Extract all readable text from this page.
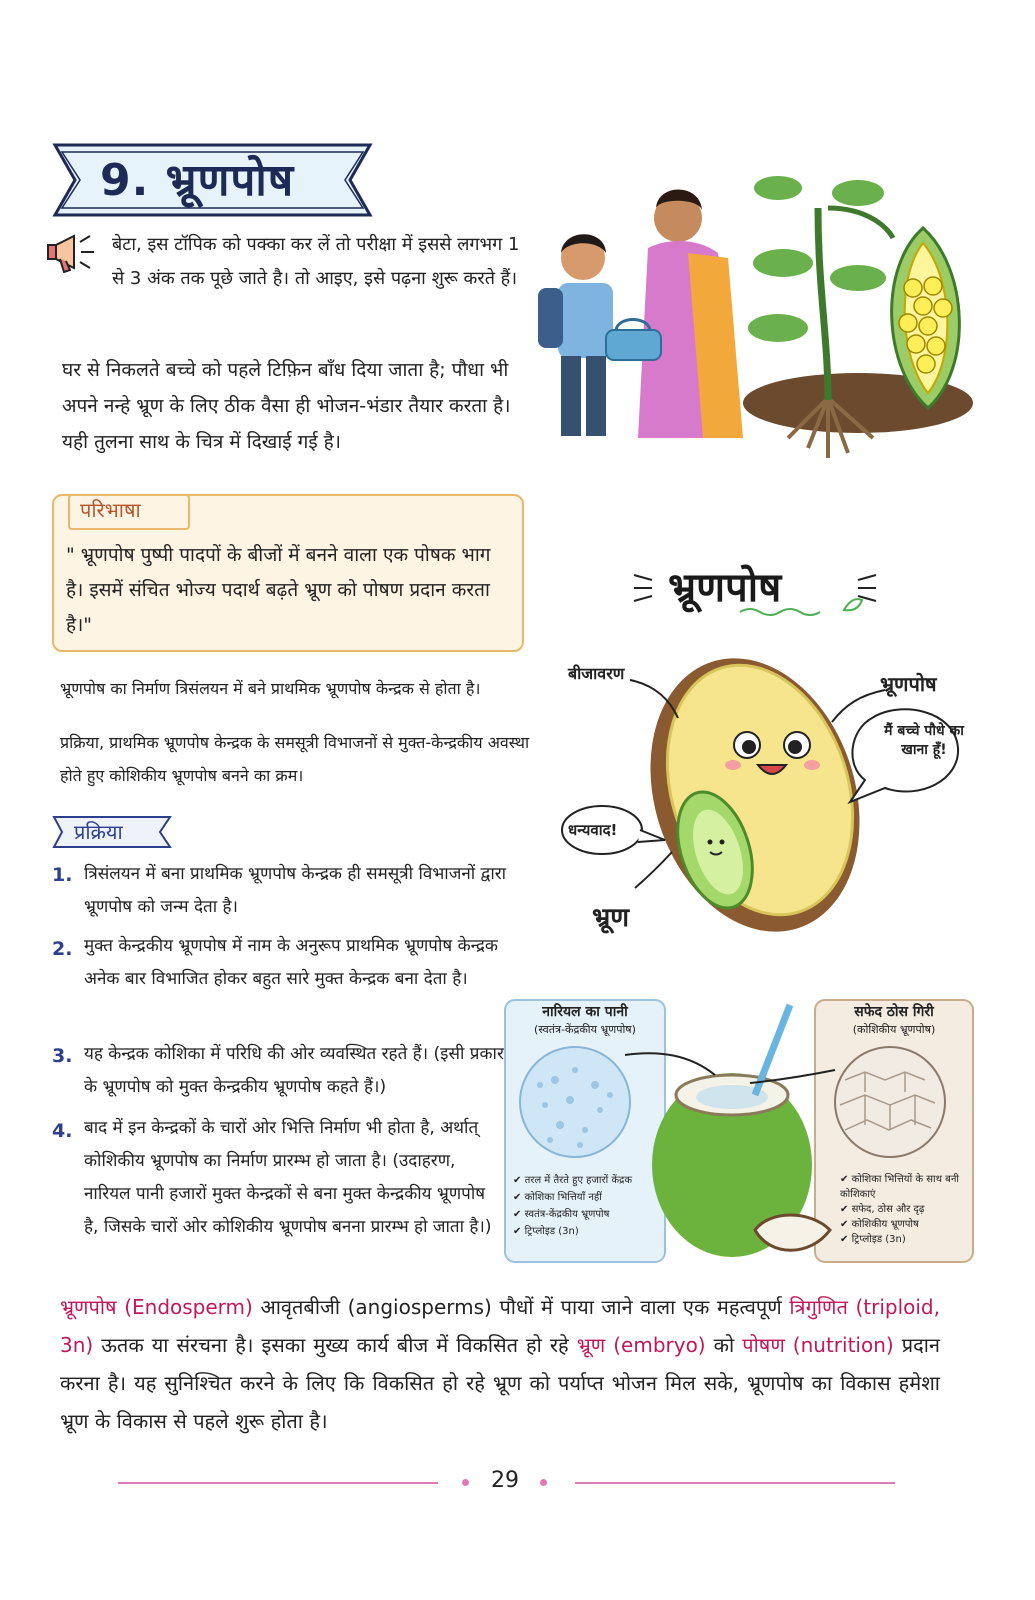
9. भ्रूणपोष
बेटा, इस टॉपिक को पक्का कर लें तो परीक्षा में इससे लगभग 1 से 3 अंक तक पूछे जाते है। तो आइए, इसे पढ़ना शुरू करते हैं।
घर से निकलते बच्चे को पहले टिफ़िन बाँध दिया जाता है; पौधा भी अपने नन्हे भ्रूण के लिए ठीक वैसा ही भोजन-भंडार तैयार करता है। यही तुलना साथ के चित्र में दिखाई गई है।
परिभाषा
" भ्रूणपोष पुष्पी पादपों के बीजों में बनने वाला एक पोषक भाग है। इसमें संचित भोज्य पदार्थ बढ़ते भ्रूण को पोषण प्रदान करता है।"
भ्रूणपोष का निर्माण त्रिसंलयन में बने प्राथमिक भ्रूणपोष केन्द्रक से होता है।
प्रक्रिया, प्राथमिक भ्रूणपोष केन्द्रक के समसूत्री विभाजनों से मुक्त-केन्द्रकीय अवस्था होते हुए कोशिकीय भ्रूणपोष बनने का क्रम।
प्रक्रिया
1. त्रिसंलयन में बना प्राथमिक भ्रूणपोष केन्द्रक ही समसूत्री विभाजनों द्वारा भ्रूणपोष को जन्म देता है।
2. मुक्त केन्द्रकीय भ्रूणपोष में नाम के अनुरूप प्राथमिक भ्रूणपोष केन्द्रक अनेक बार विभाजित होकर बहुत सारे मुक्त केन्द्रक बना देता है।
3. यह केन्द्रक कोशिका में परिधि की ओर व्यवस्थित रहते हैं। (इसी प्रकार के भ्रूणपोष को मुक्त केन्द्रकीय भ्रूणपोष कहते हैं।)
4. बाद में इन केन्द्रकों के चारों ओर भित्ति निर्माण भी होता है, अर्थात् कोशिकीय भ्रूणपोष का निर्माण प्रारम्भ हो जाता है। (उदाहरण, नारियल पानी हजारों मुक्त केन्द्रकों से बना मुक्त केन्द्रकीय भ्रूणपोष है, जिसके चारों ओर कोशिकीय भ्रूणपोष बनना प्रारम्भ हो जाता है।)
भ्रूणपोष
बीजावरण	भ्रूणपोष
मैं बच्चे पौधे का खाना हूँ!
धन्यवाद!
भ्रूण
नारियल का पानी
(स्वतंत्र-केंद्रकीय भ्रूणपोष)
✔ तरल में तैरते हुए हजारों केंद्रक
✔ कोशिका भित्तियाँ नहीं
✔ स्वतंत्र-केंद्रकीय भ्रूणपोष
✔ ट्रिप्लोइड (3n)
सफेद ठोस गिरी
(कोशिकीय भ्रूणपोष)
✔ कोशिका भित्तियों के साथ बनी कोशिकाएं
✔ सफेद, ठोस और दृढ़
✔ कोशिकीय भ्रूणपोष
✔ ट्रिप्लोइड (3n)
भ्रूणपोष (Endosperm) आवृतबीजी (angiosperms) पौधों में पाया जाने वाला एक महत्वपूर्ण त्रिगुणित (triploid, 3n) ऊतक या संरचना है। इसका मुख्य कार्य बीज में विकसित हो रहे भ्रूण (embryo) को पोषण (nutrition) प्रदान करना है। यह सुनिश्चित करने के लिए कि विकसित हो रहे भ्रूण को पर्याप्त भोजन मिल सके, भ्रूणपोष का विकास हमेशा भ्रूण के विकास से पहले शुरू होता है।
29
